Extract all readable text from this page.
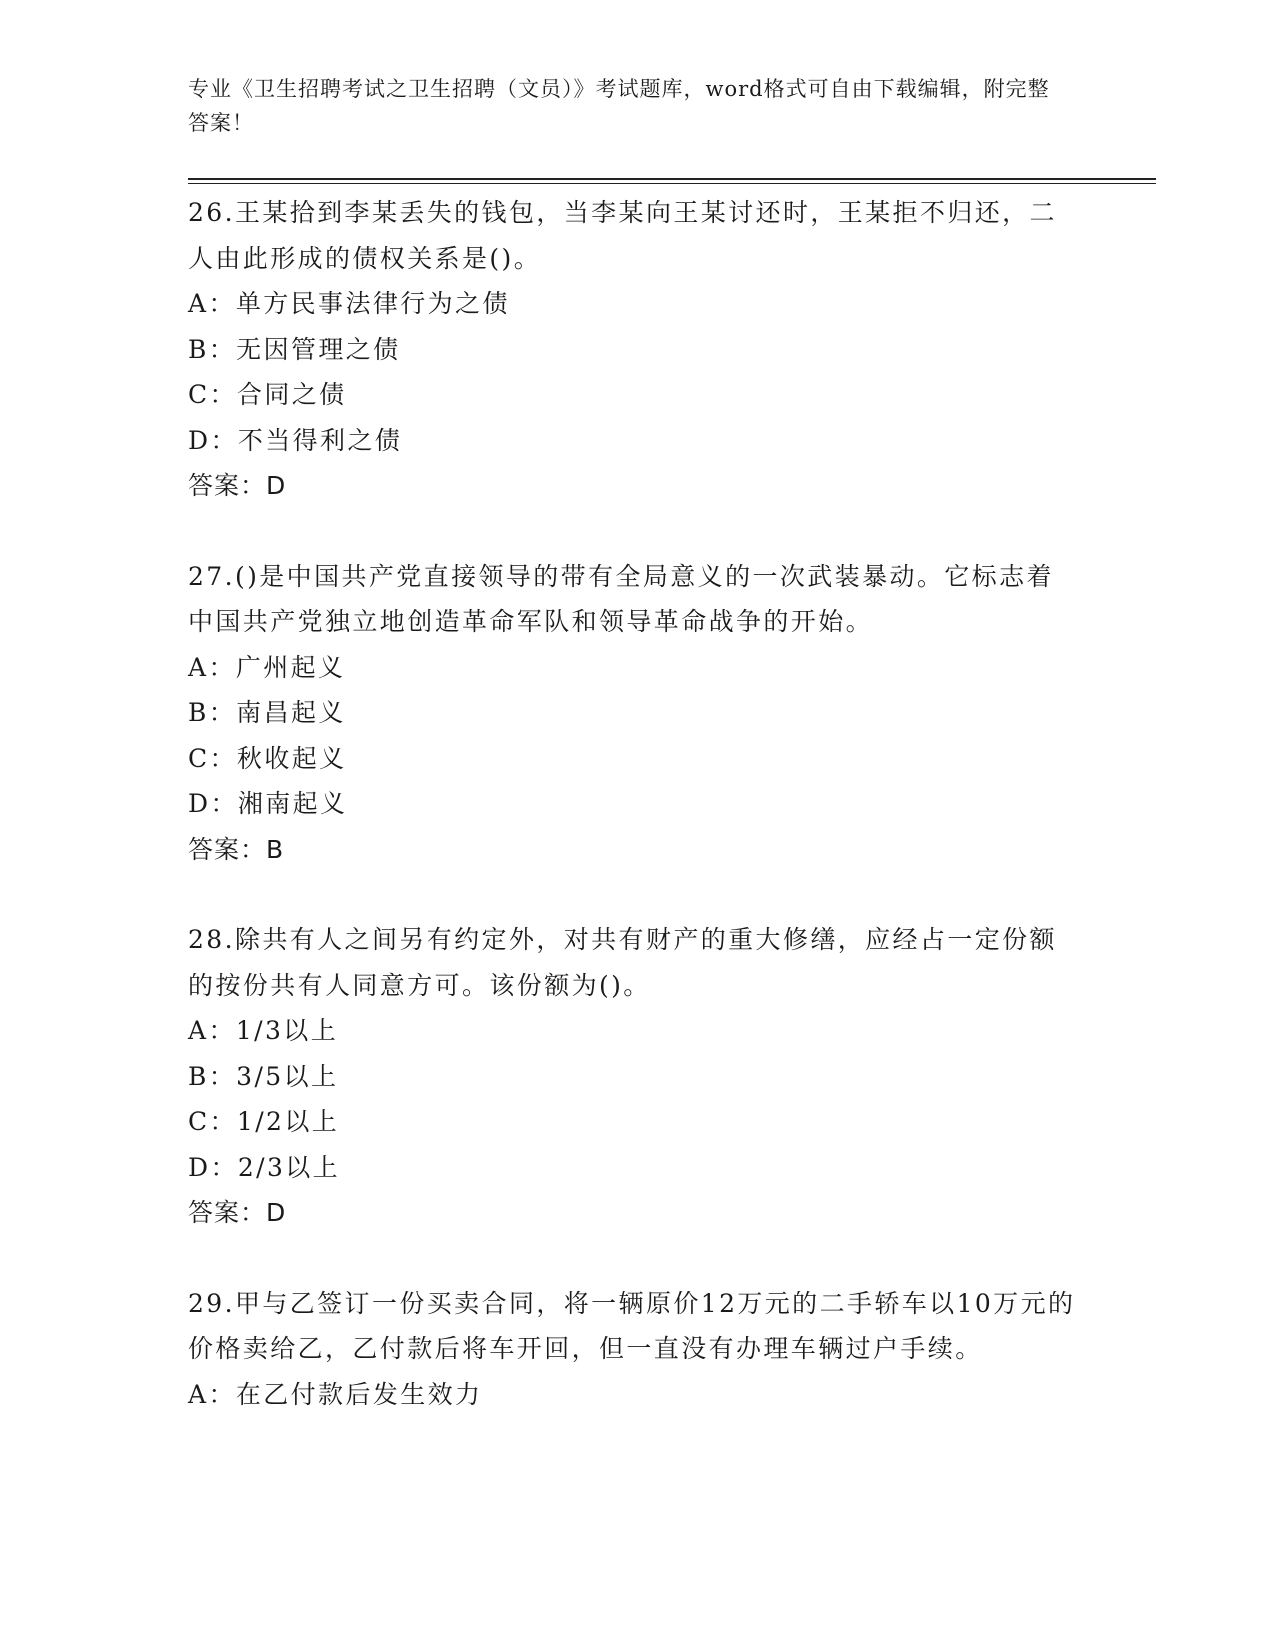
专业《卫生招聘考试之卫生招聘（文员）》考试题库，word格式可自由下载编辑，附完整答案！

26.王某拾到李某丢失的钱包，当李某向王某讨还时，王某拒不归还，二人由此形成的债权关系是()。

A：单方民事法律行为之债

B：无因管理之债

C：合同之债

D：不当得利之债

答案：D

27.()是中国共产党直接领导的带有全局意义的一次武装暴动。它标志着中国共产党独立地创造革命军队和领导革命战争的开始。

A：广州起义

B：南昌起义

C：秋收起义

D：湘南起义

答案：B

28.除共有人之间另有约定外，对共有财产的重大修缮，应经占一定份额的按份共有人同意方可。该份额为()。

A：1/3以上

B：3/5以上

C：1/2以上

D：2/3以上

答案：D

29.甲与乙签订一份买卖合同，将一辆原价12万元的二手轿车以10万元的价格卖给乙，乙付款后将车开回，但一直没有办理车辆过户手续。

A：在乙付款后发生效力
